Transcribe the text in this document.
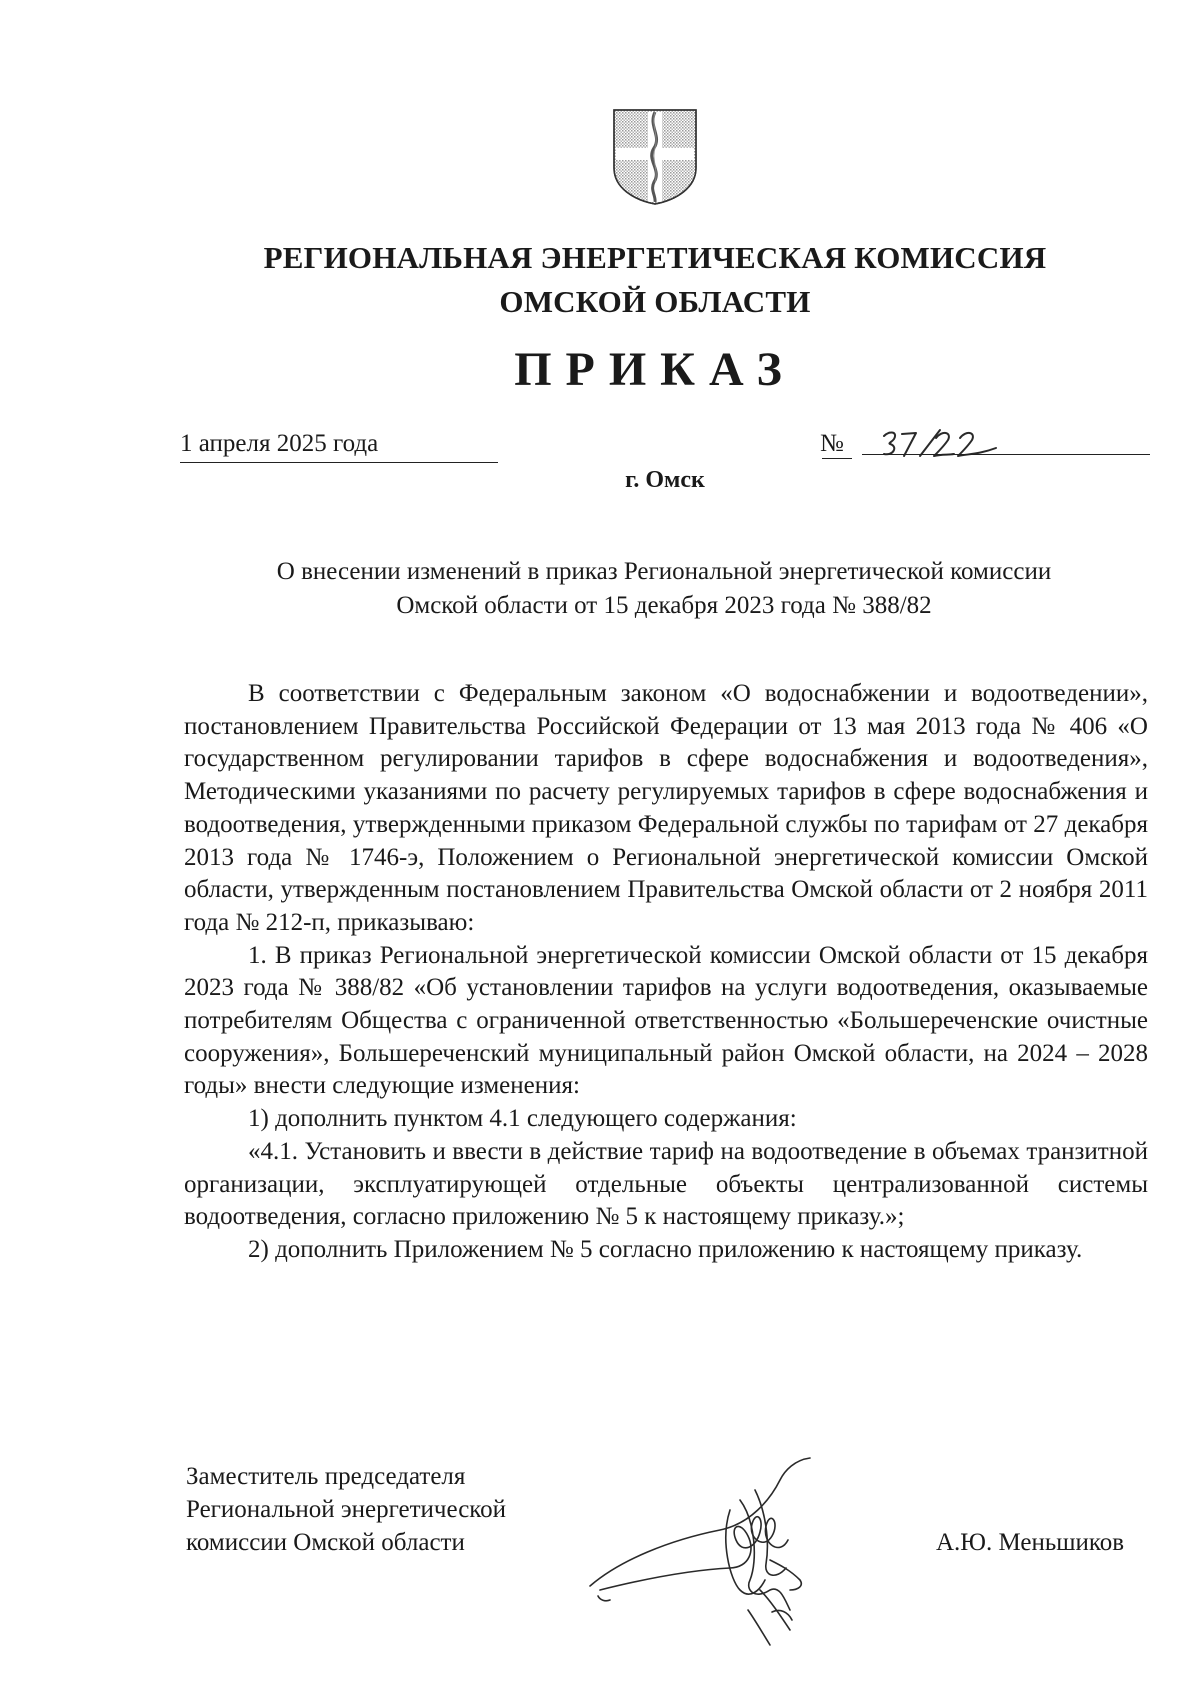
РЕГИОНАЛЬНАЯ ЭНЕРГЕТИЧЕСКАЯ КОМИССИЯ
ОМСКОЙ ОБЛАСТИ
ПРИКАЗ
1 апреля 2025 года	№
г. Омск
О внесении изменений в приказ Региональной энергетической комиссии
Омской области от 15 декабря 2023 года № 388/82

В соответствии с Федеральным законом «О водоснабжении и водоотведении», постановлением Правительства Российской Федерации от 13 мая 2013 года № 406 «О государственном регулировании тарифов в сфере водоснабжения и водоотведения», Методическими указаниями по расчету регулируемых тарифов в сфере водоснабжения и водоотведения, утвержденными приказом Федеральной службы по тарифам от 27 декабря 2013 года № 1746-э, Положением о Региональной энергетической комиссии Омской области, утвержденным постановлением Правительства Омской области от 2 ноября 2011 года № 212-п, приказываю:

1. В приказ Региональной энергетической комиссии Омской области от 15 декабря 2023 года № 388/82 «Об установлении тарифов на услуги водоотведения, оказываемые потребителям Общества с ограниченной ответственностью «Большереченские очистные сооружения», Большереченский муниципальный район Омской области, на 2024 – 2028 годы» внести следующие изменения:

1) дополнить пунктом 4.1 следующего содержания:

«4.1. Установить и ввести в действие тариф на водоотведение в объемах транзитной организации, эксплуатирующей отдельные объекты централизованной системы водоотведения, согласно приложению № 5 к настоящему приказу.»;

2) дополнить Приложением № 5 согласно приложению к настоящему приказу.

Заместитель председателя
Региональной энергетической
комиссии Омской области	А.Ю. Меньшиков
